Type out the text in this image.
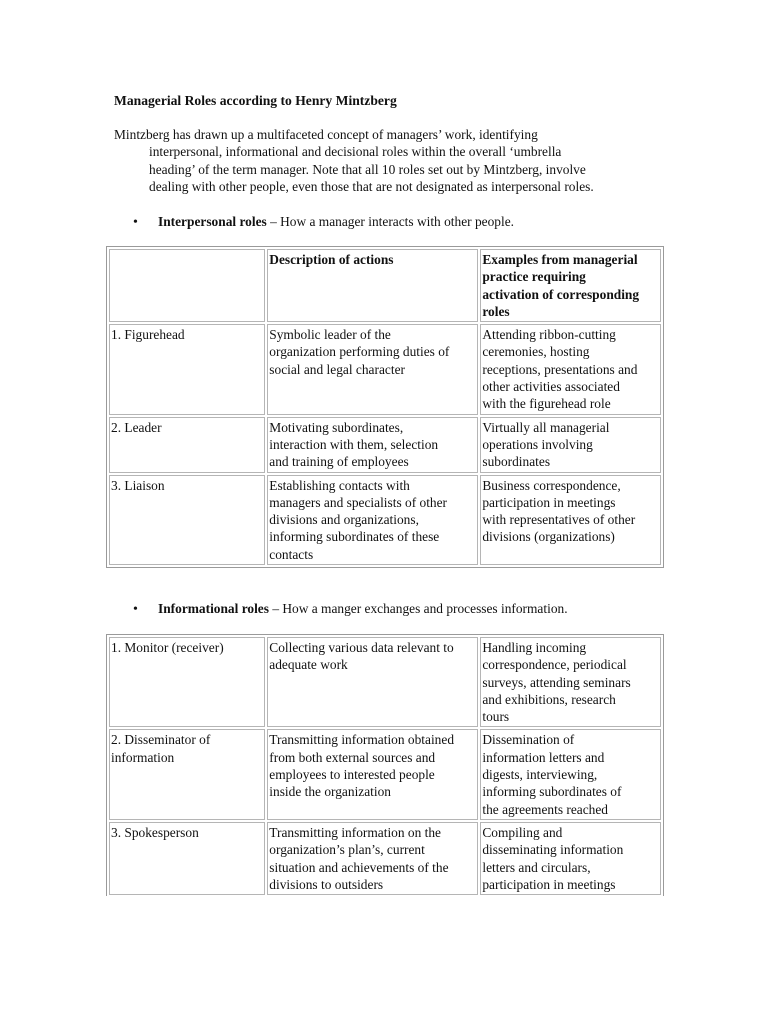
Managerial Roles according to Henry Mintzberg
Mintzberg has drawn up a multifaceted concept of managers’ work, identifying
interpersonal, informational and decisional roles within the overall ‘umbrella
heading’ of the term manager. Note that all 10 roles set out by Mintzberg, involve
dealing with other people, even those that are not designated as interpersonal roles.
• Interpersonal roles – How a manager interacts with other people.
	Description of actions	Examples from managerial
practice requiring
activation of corresponding
roles

1. Figurehead	Symbolic leader of the
organization performing duties of
social and legal character	Attending ribbon-cutting
ceremonies, hosting
receptions, presentations and
other activities associated
with the figurehead role

2. Leader	Motivating subordinates,
interaction with them, selection
and training of employees	Virtually all managerial
operations involving
subordinates

3. Liaison	Establishing contacts with
managers and specialists of other
divisions and organizations,
informing subordinates of these
contacts	Business correspondence,
participation in meetings
with representatives of other
divisions (organizations)
• Informational roles – How a manger exchanges and processes information.
1. Monitor (receiver)	Collecting various data relevant to
adequate work	Handling incoming
correspondence, periodical
surveys, attending seminars
and exhibitions, research
tours

2. Disseminator of
information	Transmitting information obtained
from both external sources and
employees to interested people
inside the organization	Dissemination of
information letters and
digests, interviewing,
informing subordinates of
the agreements reached

3. Spokesperson	Transmitting information on the
organization’s plan’s, current
situation and achievements of the
divisions to outsiders	Compiling and
disseminating information
letters and circulars,
participation in meetings
